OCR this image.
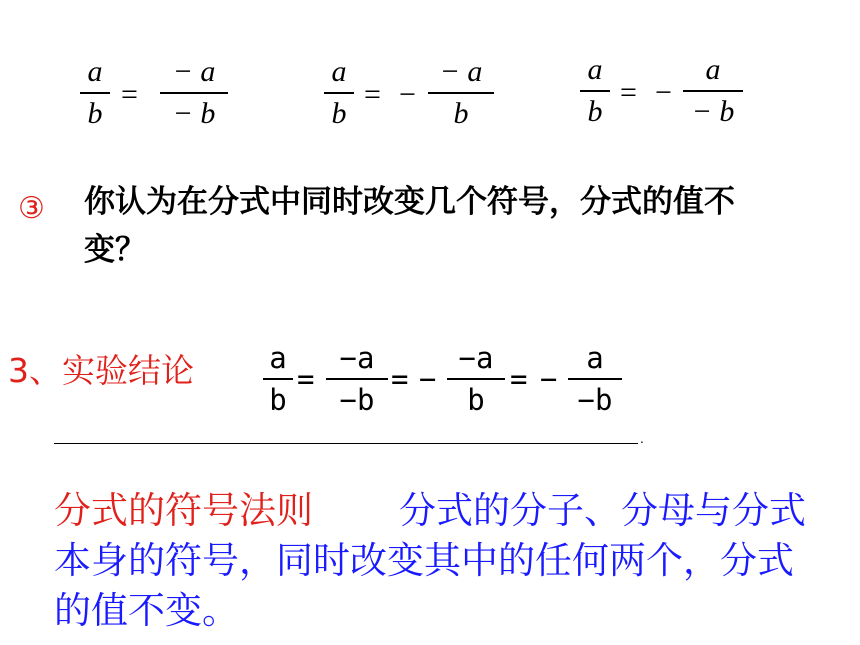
a
b
=
− a
− b
a
b
= −
− a
b
a
b
= −
a
− b
③ 你认为在分式中同时改变几个符号，分式的值不变？
3、实验结论	a
b
=
−a
−b
= −
−a
b
= −
a
−b
.
分式的符号法则 分式的分子、分母与分式本身的符号，同时改变其中的任何两个，分式的值不变。
